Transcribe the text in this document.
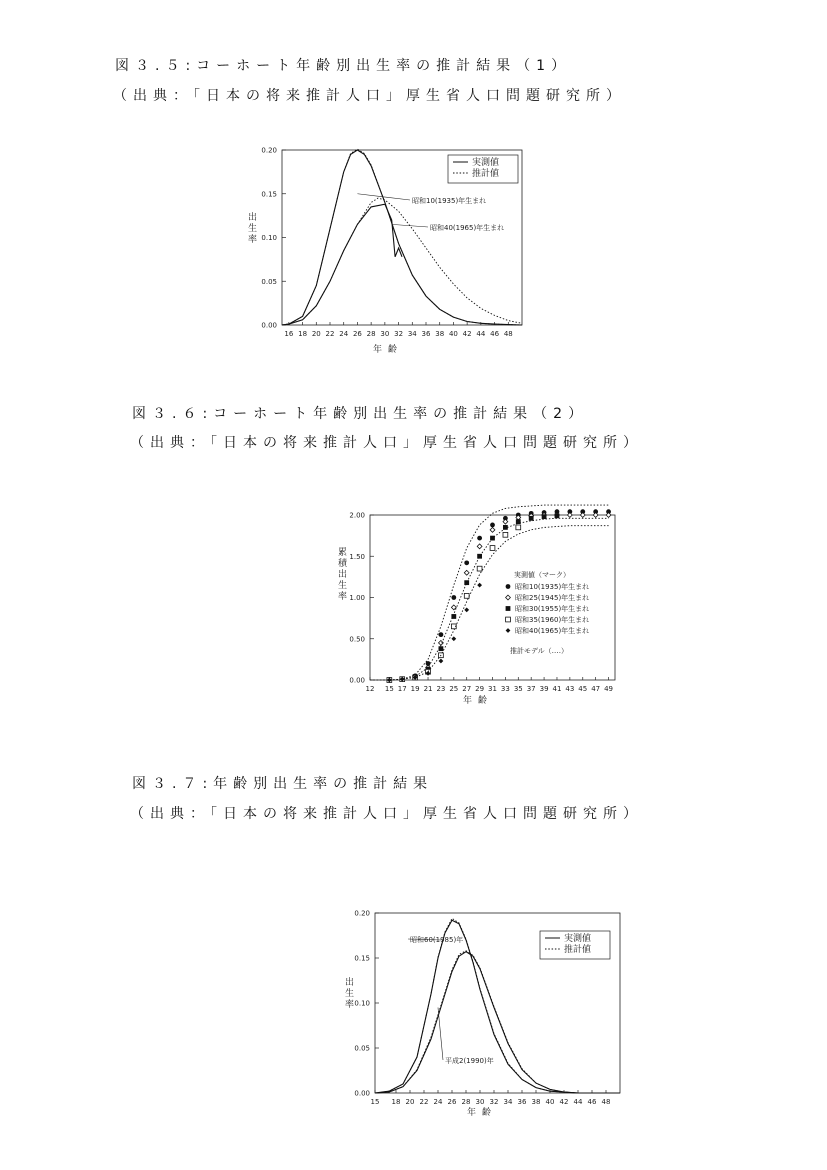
図３.５:コーホート年齢別出生率の推計結果（1）
（出典：「日本の将来推計人口」厚生省人口問題研究所）
図３.６:コーホート年齢別出生率の推計結果（2）
（出典：「日本の将来推計人口」厚生省人口問題研究所）
図３.７:年齢別出生率の推計結果
（出典：「日本の将来推計人口」厚生省人口問題研究所）
0.00
0.05
0.10
0.15
0.20
16 18 20 22 24 26 28 30 32 34 36 38 40 42 44 46 48
出生率
年齢
昭和10(1935)年生まれ
昭和40(1965)年生まれ
実測値
推計値
0.00
0.50
1.00
1.50
2.00
12 15 17 19 21 23 25 27 29 31 33 35 37 39 41 43 45 47 49
累積出生率
年齢
実測値（マーク）
昭和10(1935)年生まれ
昭和25(1945)年生まれ
昭和30(1955)年生まれ
昭和35(1960)年生まれ
昭和40(1965)年生まれ
推計モデル（‥‥）
0.00
0.05
0.10
0.15
0.20
15 18 20 22 24 26 28 30 32 34 36 38 40 42 44 46 48
出生率
年齢
昭和60(1985)年
平成2(1990)年
実測値
推計値
